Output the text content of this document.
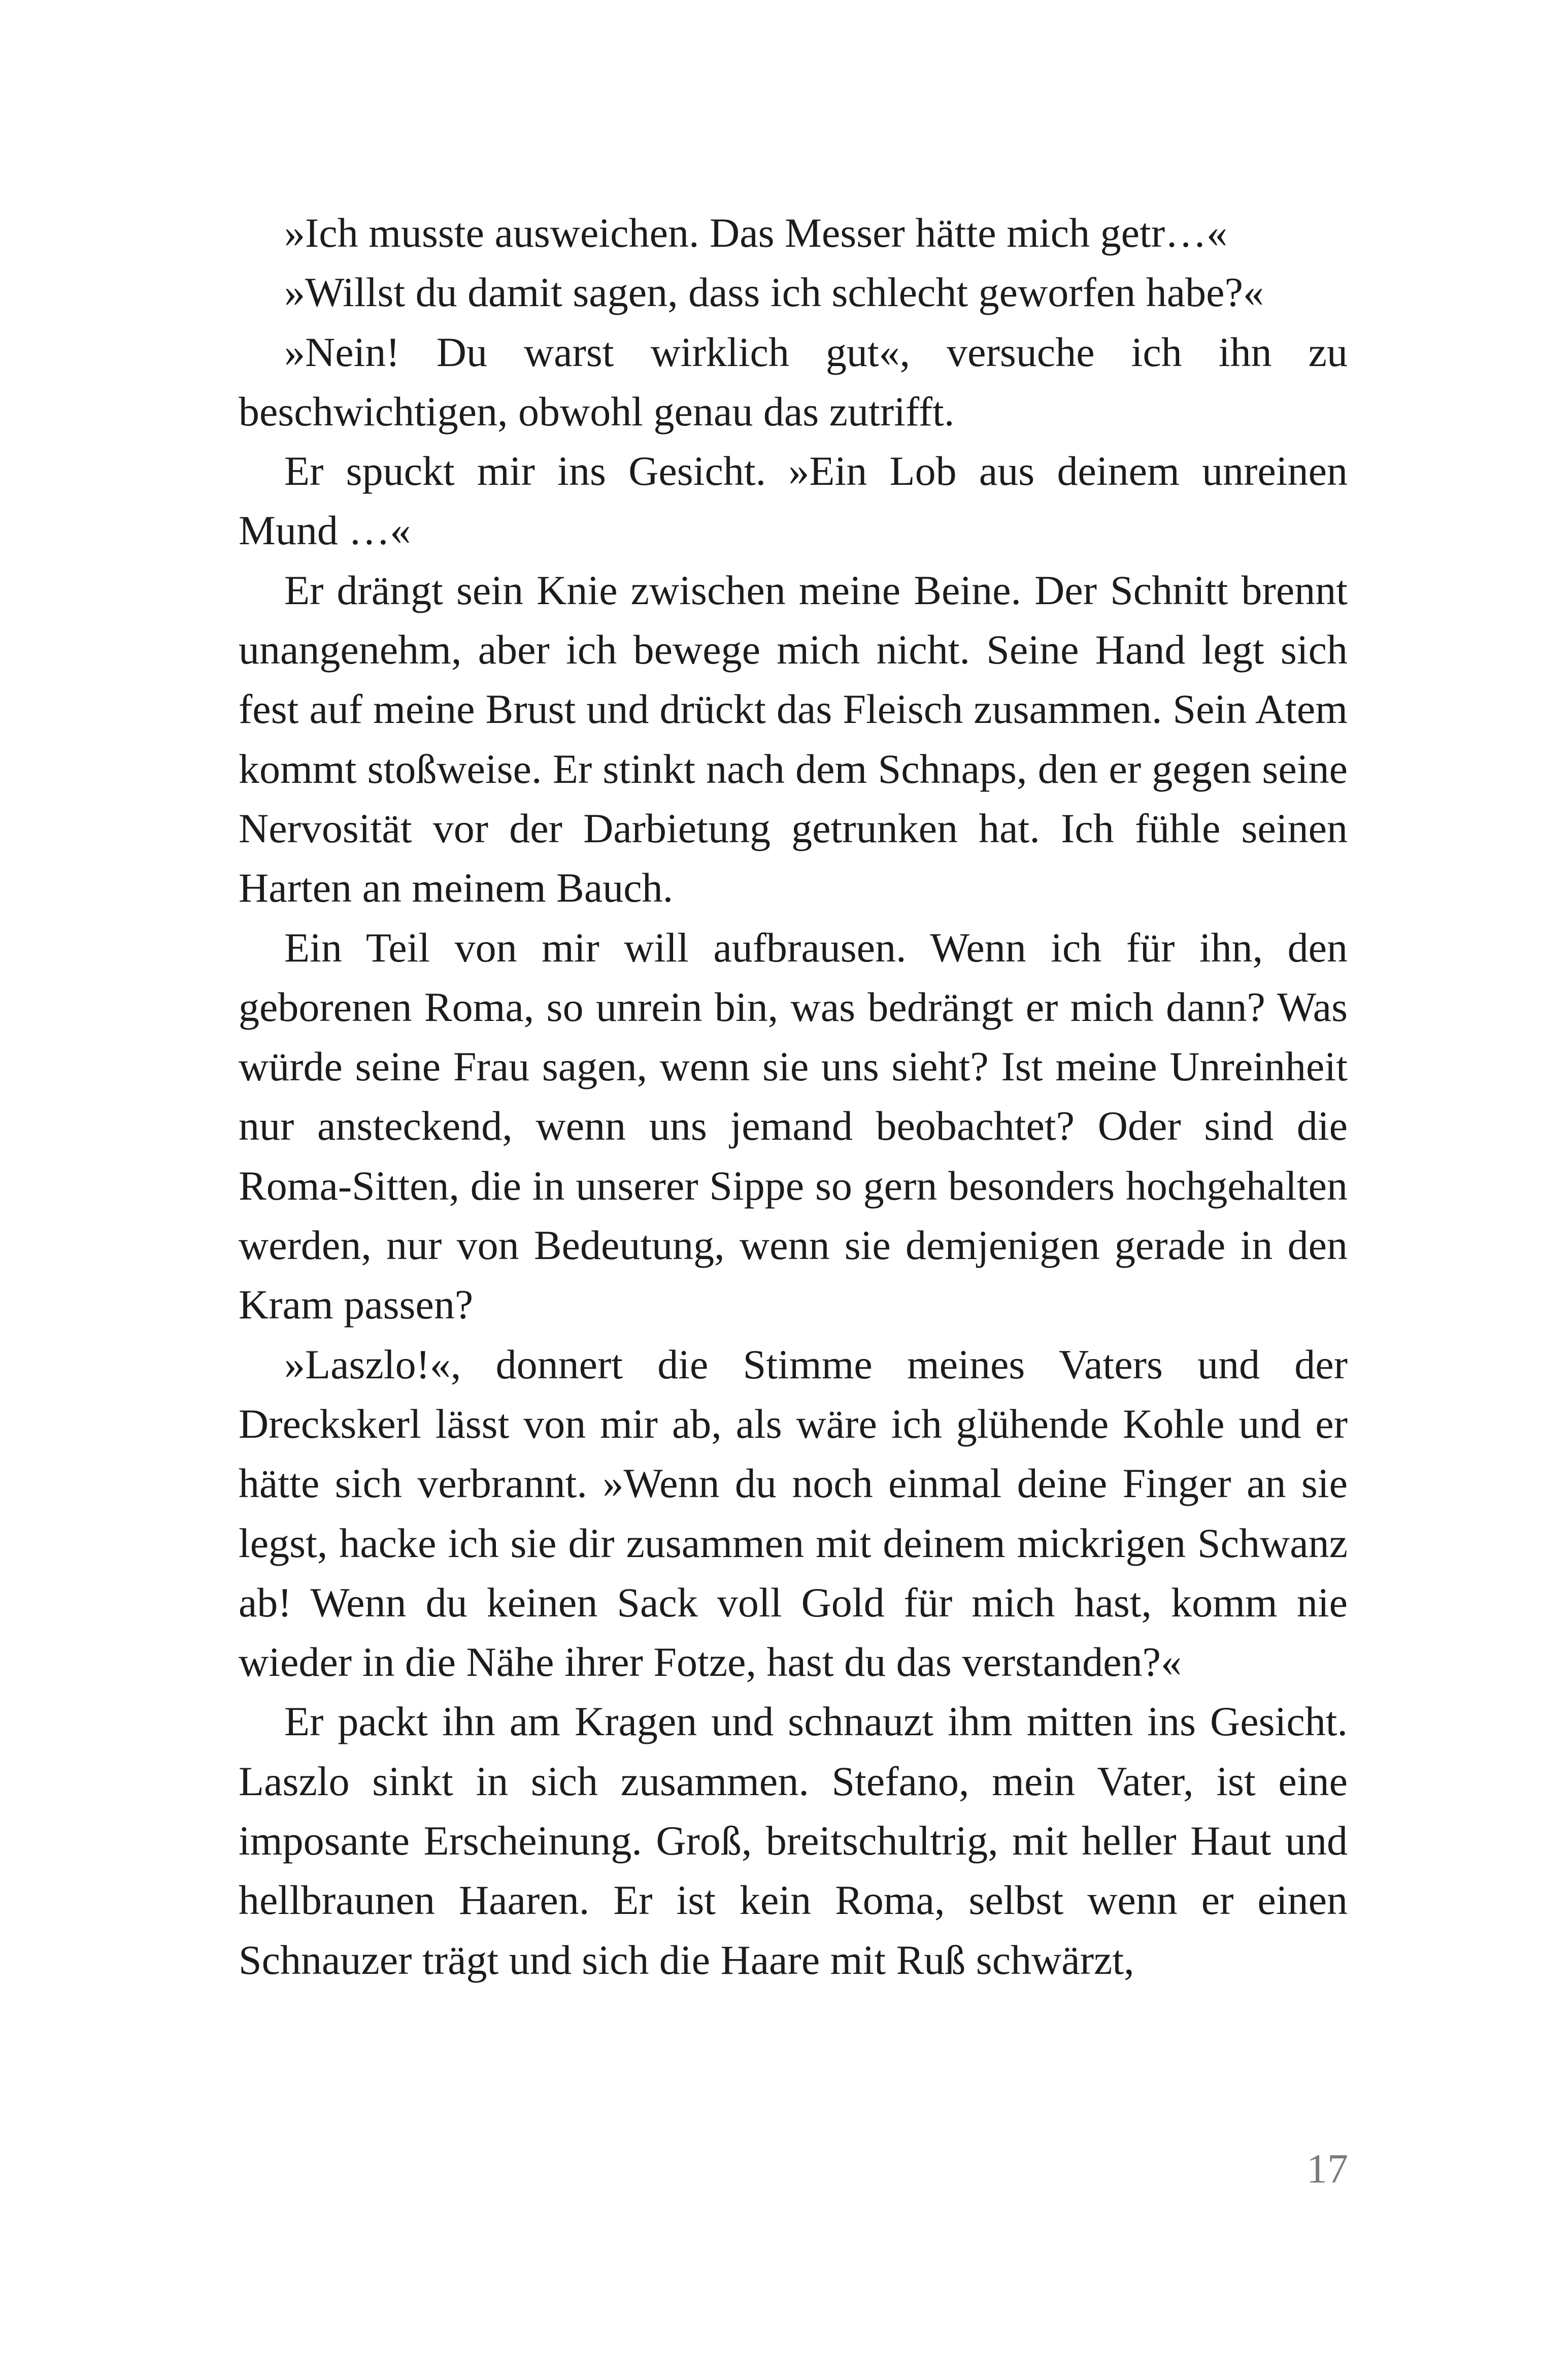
»Ich musste ausweichen. Das Messer hätte mich getr…«

»Willst du damit sagen, dass ich schlecht geworfen habe?«

»Nein! Du warst wirklich gut«, versuche ich ihn zu beschwichtigen, obwohl genau das zutrifft.

Er spuckt mir ins Gesicht. »Ein Lob aus deinem unreinen Mund …«

Er drängt sein Knie zwischen meine Beine. Der Schnitt brennt unangenehm, aber ich bewege mich nicht. Seine Hand legt sich fest auf meine Brust und drückt das Fleisch zusammen. Sein Atem kommt stoßweise. Er stinkt nach dem Schnaps, den er gegen seine Nervosität vor der Darbietung getrunken hat. Ich fühle seinen Harten an meinem Bauch.

Ein Teil von mir will aufbrausen. Wenn ich für ihn, den geborenen Roma, so unrein bin, was bedrängt er mich dann? Was würde seine Frau sagen, wenn sie uns sieht? Ist meine Unreinheit nur ansteckend, wenn uns jemand beobachtet? Oder sind die Roma-Sitten, die in unserer Sippe so gern besonders hochgehalten werden, nur von Bedeutung, wenn sie demjenigen gerade in den Kram passen?

»Laszlo!«, donnert die Stimme meines Vaters und der Dreckskerl lässt von mir ab, als wäre ich glühende Kohle und er hätte sich verbrannt. »Wenn du noch einmal deine Finger an sie legst, hacke ich sie dir zusammen mit deinem mickrigen Schwanz ab! Wenn du keinen Sack voll Gold für mich hast, komm nie wieder in die Nähe ihrer Fotze, hast du das verstanden?«

Er packt ihn am Kragen und schnauzt ihm mitten ins Gesicht. Laszlo sinkt in sich zusammen. Stefano, mein Vater, ist eine imposante Erscheinung. Groß, breitschultrig, mit heller Haut und hellbraunen Haaren. Er ist kein Roma, selbst wenn er einen Schnauzer trägt und sich die Haare mit Ruß schwärzt,

17
